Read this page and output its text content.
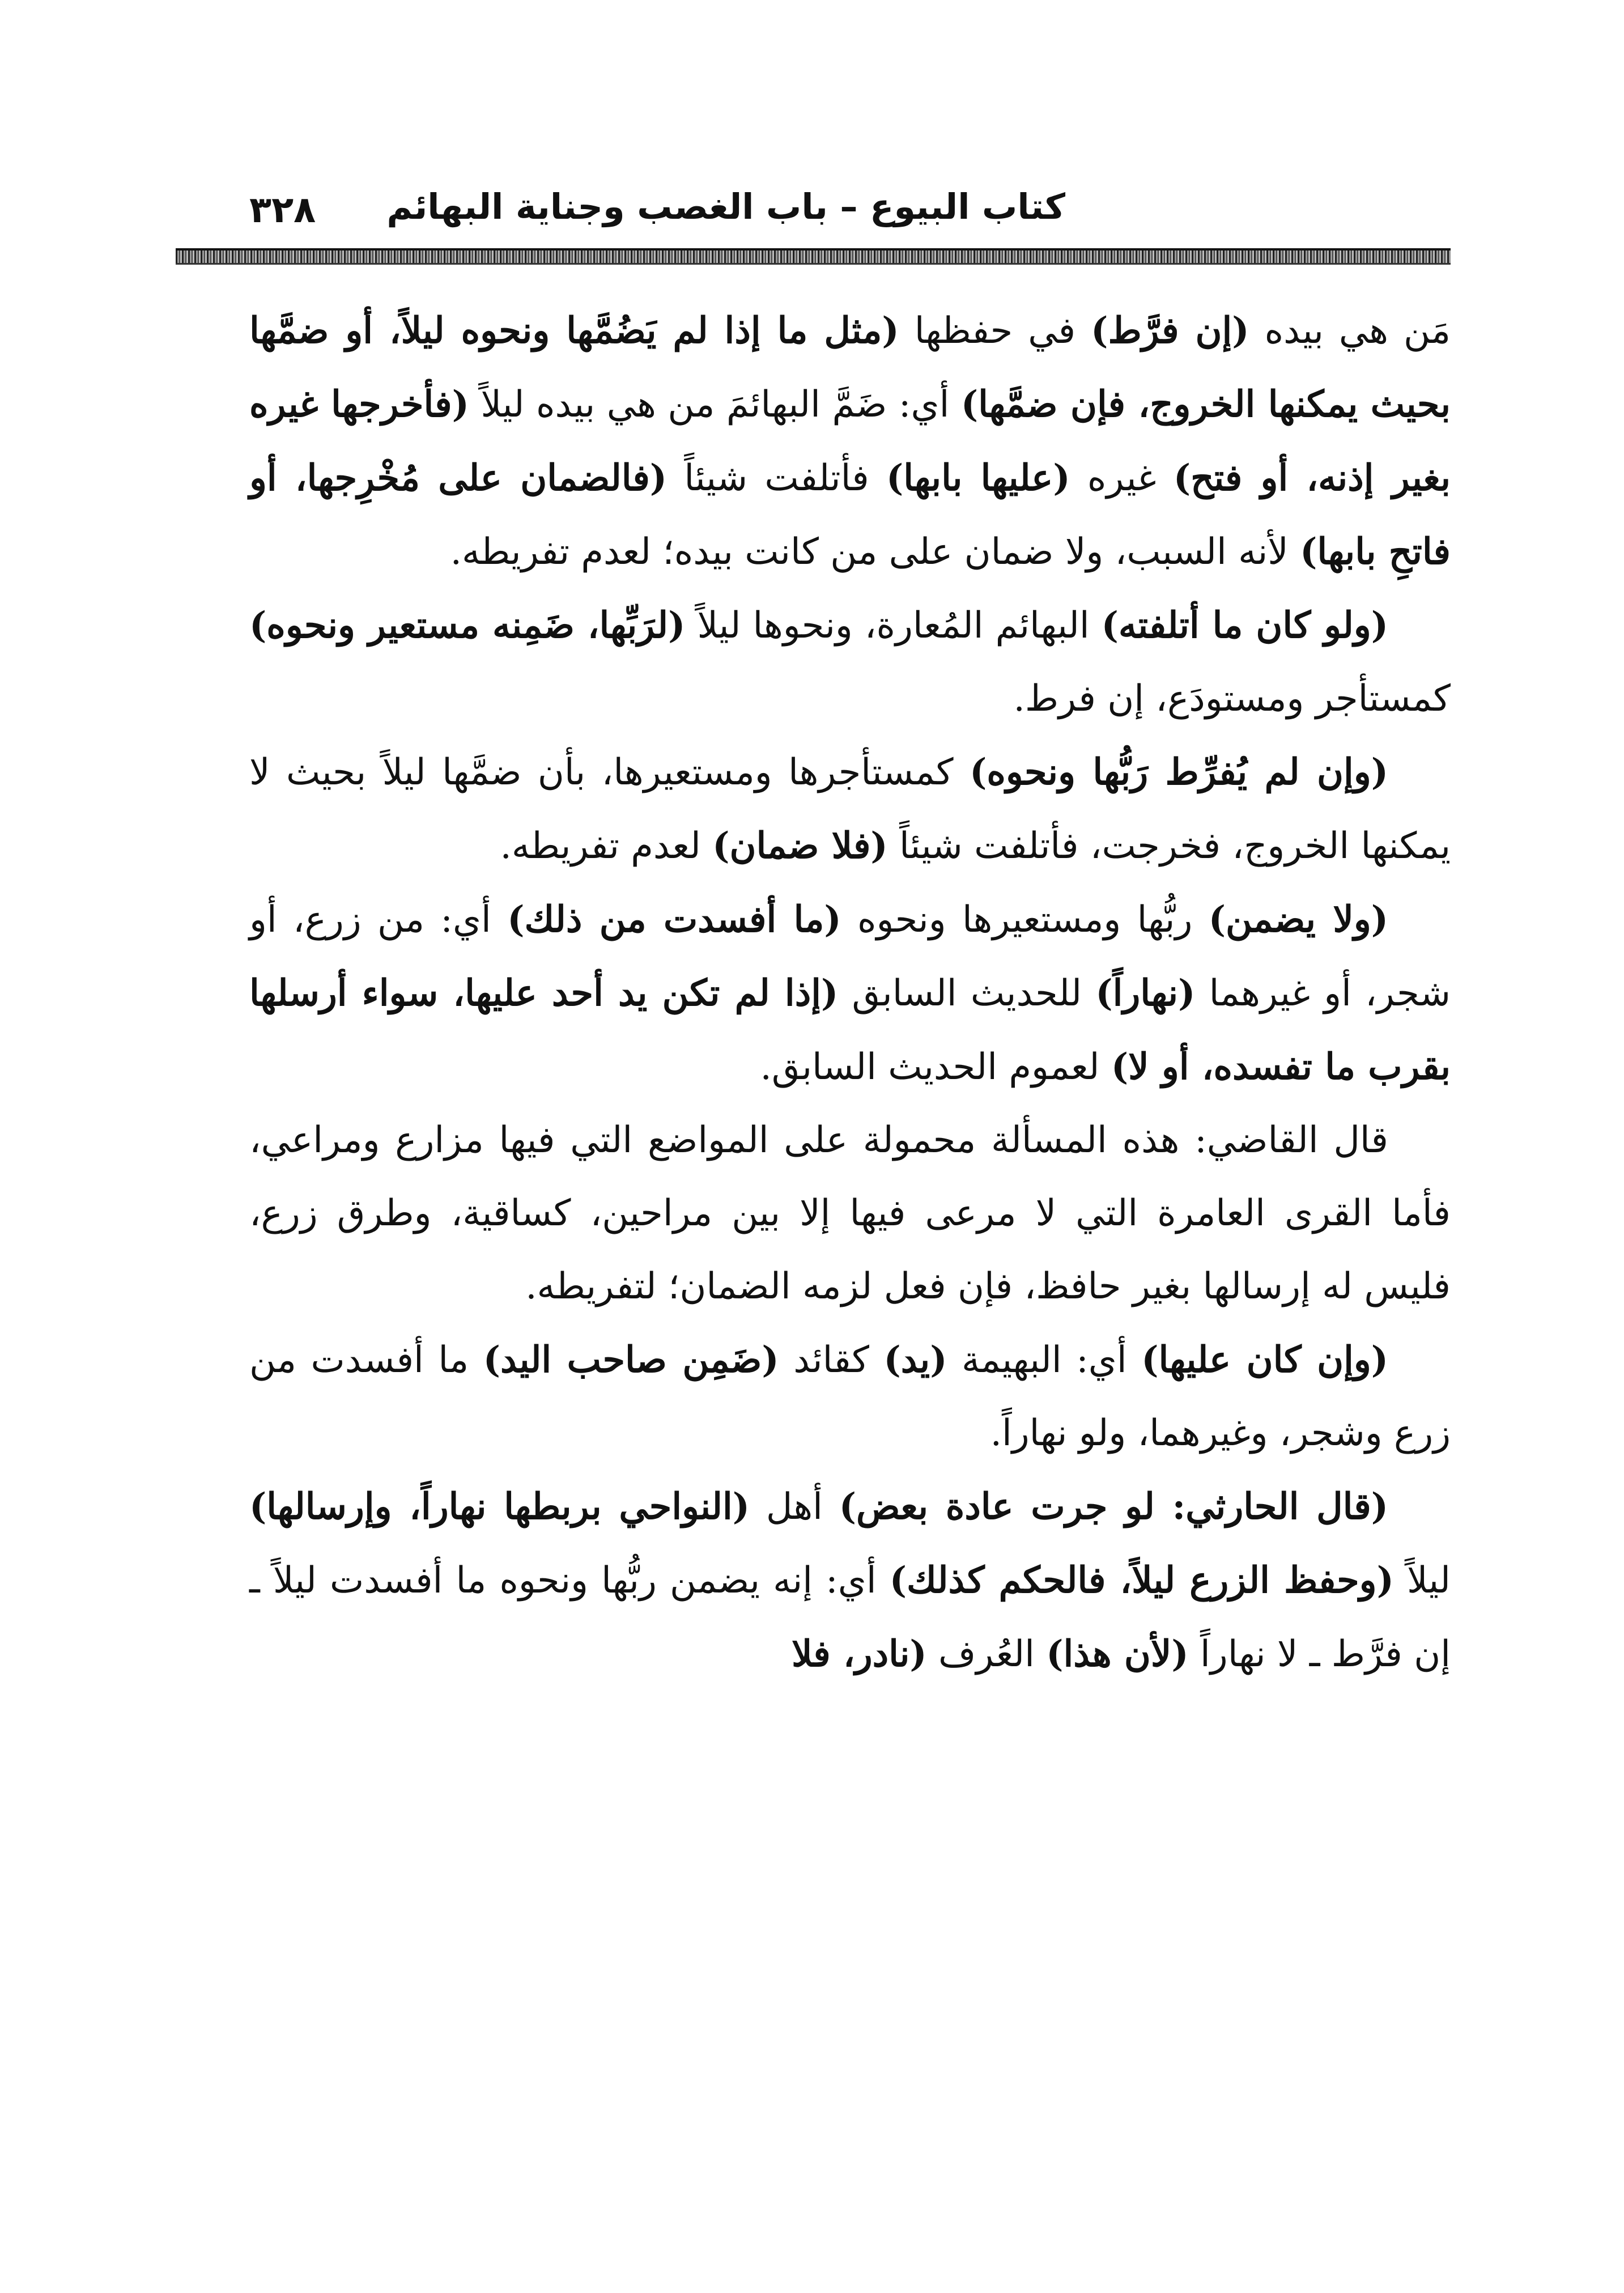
كتاب البيوع – باب الغصب وجناية البهائم
٣٢٨

مَن هي بيده (إن فرَّط) في حفظها (مثل ما إذا لم يَضُمَّها ونحوه ليلاً، أو ضمَّها بحيث يمكنها الخروج، فإن ضمَّها) أي: ضَمَّ البهائمَ من هي بيده ليلاً (فأخرجها غيره بغير إذنه، أو فتح) غيره (عليها بابها) فأتلفت شيئاً (فالضمان على مُخْرِجها، أو فاتحِ بابها) لأنه السبب، ولا ضمان على من كانت بيده؛ لعدم تفريطه.

(ولو كان ما أتلفته) البهائم المُعارة، ونحوها ليلاً (لرَبِّها، ضَمِنه مستعير ونحوه) كمستأجر ومستودَع، إن فرط.

(وإن لم يُفرِّط رَبُّها ونحوه) كمستأجرها ومستعيرها، بأن ضمَّها ليلاً بحيث لا يمكنها الخروج، فخرجت، فأتلفت شيئاً (فلا ضمان) لعدم تفريطه.

(ولا يضمن) ربُّها ومستعيرها ونحوه (ما أفسدت من ذلك) أي: من زرع، أو شجر، أو غيرهما (نهاراً) للحديث السابق (إذا لم تكن يد أحد عليها، سواء أرسلها بقرب ما تفسده، أو لا) لعموم الحديث السابق.

قال القاضي: هذه المسألة محمولة على المواضع التي فيها مزارع ومراعي، فأما القرى العامرة التي لا مرعى فيها إلا بين مراحين، كساقية، وطرق زرع، فليس له إرسالها بغير حافظ، فإن فعل لزمه الضمان؛ لتفريطه.

(وإن كان عليها) أي: البهيمة (يد) كقائد (ضَمِن صاحب اليد) ما أفسدت من زرع وشجر، وغيرهما، ولو نهاراً.

(قال الحارثي: لو جرت عادة بعض) أهل (النواحي بربطها نهاراً، وإرسالها) ليلاً (وحفظ الزرع ليلاً، فالحكم كذلك) أي: إنه يضمن ربُّها ونحوه ما أفسدت ليلاً ـ إن فرَّط ـ لا نهاراً (لأن هذا) العُرف (نادر، فلا
